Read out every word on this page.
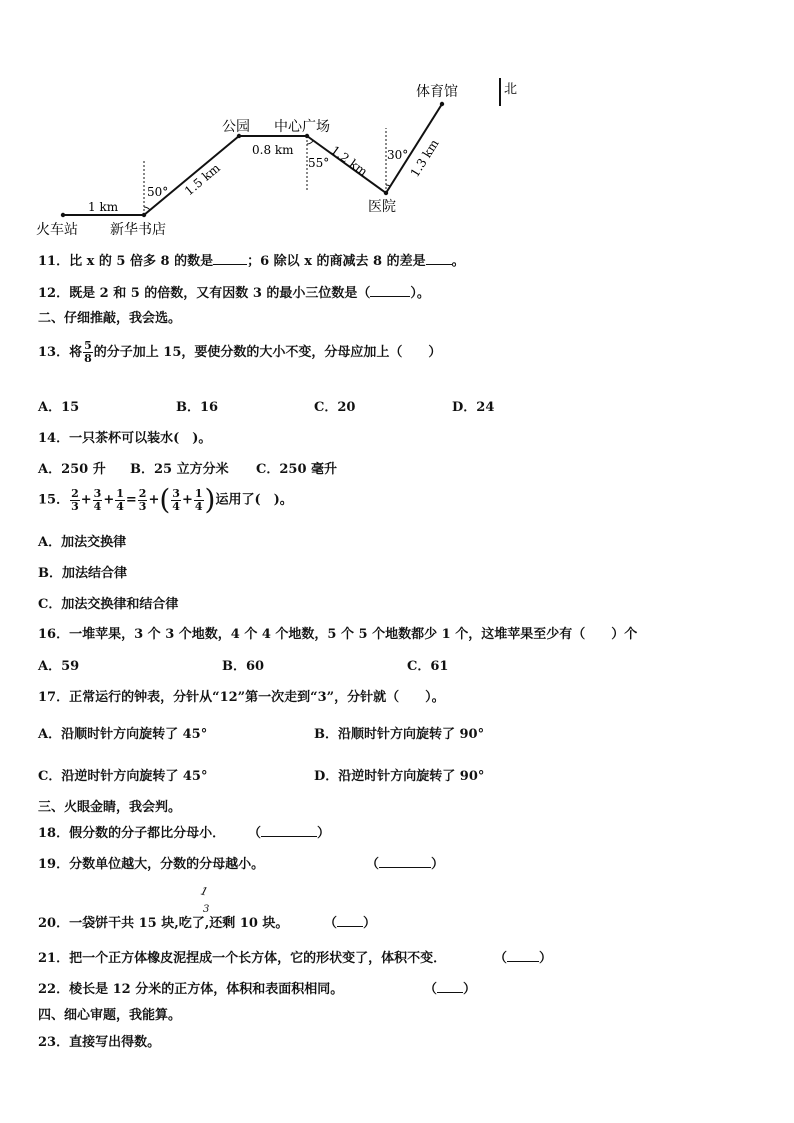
北
火车站 新华书店
公园 中心广场
医院
体育馆
1 km
1.5 km
0.8 km	1.2 km	1.3 km
50°
55°
30°
11．比 x 的 5 倍多 8 的数是	；6 除以 x 的商减去 8 的差是 。
12．既是 2 和 5 的倍数，又有因数 3 的最小三位数是（	）。
二、仔细推敲，我会选。
13．将 $\frac{5}{8}$ 的分子加上 15，要使分数的大小不变，分母应加上（　　）
A．15	B．16	C．20	D．24
14．一只茶杯可以装水(　)。
A．250 升 B．25 立方分米 C．250 毫升
15． $\frac{2}{3} + \frac{3}{4} + \frac{1}{4} = \frac{2}{3}$ +( $\frac{3}{4} + \frac{1}{4}$ )运用了(　)。
A．加法交换律
B．加法结合律
C．加法交换律和结合律
16．一堆苹果，3 个 3 个地数，4 个 4 个地数，5 个 5 个地数都少 1 个，这堆苹果至少有（　　）个
A．59	B．60	C．61
17．正常运行的钟表，分针从“12”第一次走到“3”，分针就（　　）。
A．沿顺时针方向旋转了 45°	B．沿顺时针方向旋转了 90°
C．沿逆时针方向旋转了 45°	D．沿逆时针方向旋转了 90°
三、火眼金睛，我会判。
18．假分数的分子都比分母小． （	）
19．分数单位越大，分数的分母越小。	（	）
20．一袋饼干共 15 块,吃了,还剩 10 块。
1
3
（ ）
21．把一个正方体橡皮泥捏成一个长方体，它的形状变了，体积不变．	（ ）
22．棱长是 12 分米的正方体，体积和表面积相同。	（ ）
四、细心审题，我能算。
23．直接写出得数。
